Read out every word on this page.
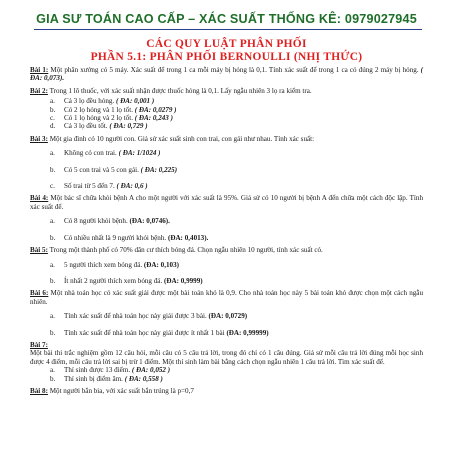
GIA SƯ TOÁN CAO CẤP – XÁC SUẤT THỐNG KÊ: 0979027945
CÁC QUY LUẬT PHÂN PHỐI
PHẦN 5.1: PHÂN PHỐI BERNOULLI (NHỊ THỨC)

Bài 1: Một phân xưởng có 5 máy. Xác suất để trong 1 ca mỗi máy bị hỏng là 0,1. Tính xác suất để trong 1 ca có đúng 2 máy bị hỏng. ( ĐA: 0,073).

Bài 2: Trong 1 lô thuốc, với xác suất nhận được thuốc hỏng là 0,1. Lấy ngẫu nhiên 3 lọ ra kiểm tra.

a.	Cả 3 lọ đều hỏng. ( ĐA: 0,001 )
b.	Có 2 lọ hỏng và 1 lọ tốt. ( ĐA: 0,0279 )
c.	Có 1 lọ hỏng và 2 lọ tốt. ( ĐA: 0,243 )
d.	Cả 3 lọ đều tốt. ( ĐA: 0,729 )

Bài 3: Một gia đình có 10 người con. Giả sử xác suất sinh con trai, con gái như nhau. Tính xác suất:

a.	Không có con trai. ( ĐA: 1/1024 )
b.	Có 5 con trai và 5 con gái. ( ĐA: 0,225)
c.	Số trai từ 5 đến 7. ( ĐA: 0,6 )

Bài 4: Một bác sĩ chữa khỏi bệnh A cho một người với xác suất là 95%. Giả sử có 10 người bị bệnh A đến chữa một cách độc lập. Tính xác suất để.

a.	Có 8 người khỏi bệnh. (ĐA: 0,0746).
b.	Có nhiều nhất là 9 người khỏi bệnh. (ĐA: 0,4013).

Bài 5: Trong một thành phố có 70% dân cư thích bóng đá. Chọn ngẫu nhiên 10 người, tính xác suất có.

a.	5 người thích xem bóng đá. (ĐA: 0,103)
b.	Ít nhất 2 người thích xem bóng đá. (ĐA: 0,9999)

Bài 6: Một nhà toán học có xác suất giải được một bài toán khó là 0,9. Cho nhà toán học này 5 bài toán khó được chọn một cách ngẫu nhiên.

a.	Tính xác suất để nhà toán học này giải được 3 bài. (ĐA: 0,0729)
b.	Tính xác suất để nhà toán học này giải được ít nhất 1 bài (ĐA: 0,99999)

Bài 7:
Một bài thi trắc nghiệm gồm 12 câu hỏi, mỗi câu có 5 câu trả lời, trong đó chỉ có 1 câu đúng. Giả sử mỗi câu trả lời đúng mỗi học sinh được 4 điểm, mỗi câu trả lời sai bị trừ 1 điểm. Một thí sinh làm bài bằng cách chọn ngẫu nhiên 1 câu trả lời. Tìm xác suất để.

a.	Thí sinh được 13 điểm. ( ĐA: 0,052 )
b.	Thí sinh bị điểm âm. ( ĐA: 0,558 )

Bài 8: Một người bắn bia, với xác suất bắn trúng là p=0,7
